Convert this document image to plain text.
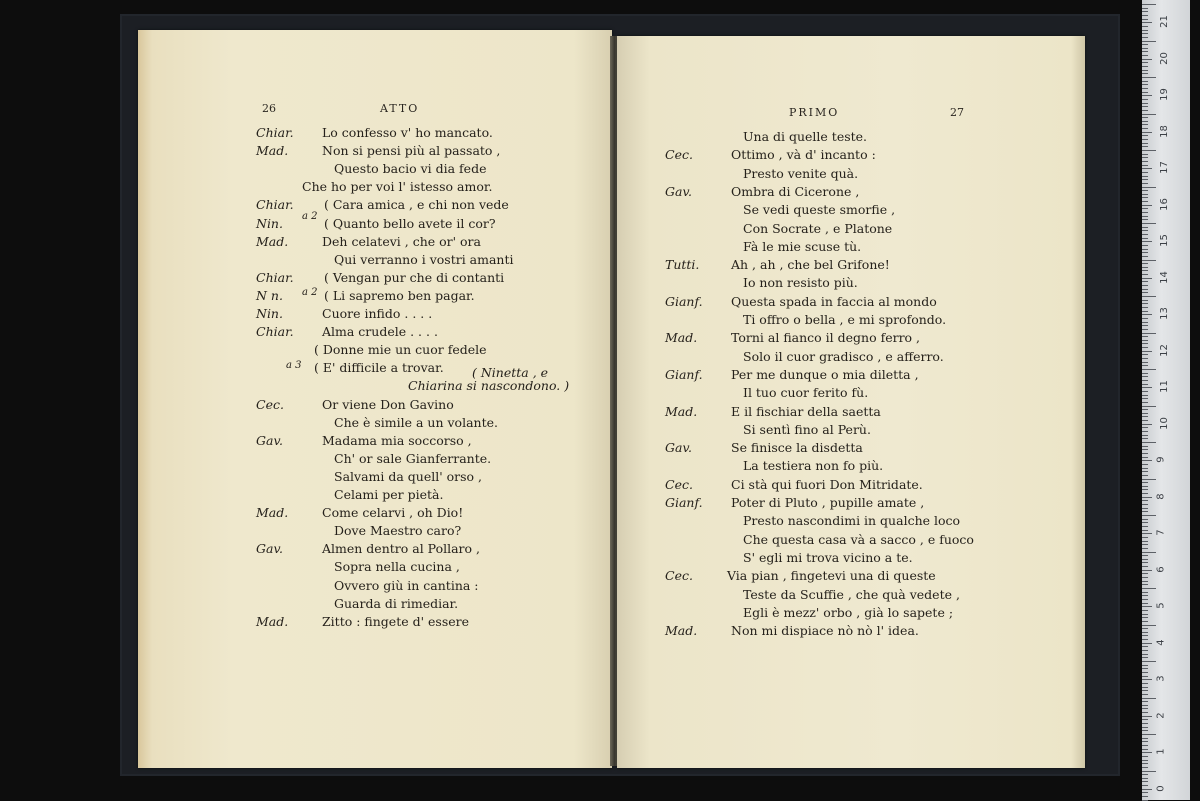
26	ATTO
Chiar. Lo confesso v' ho mancato.
Mad.	Non si pensi più al passato ,
Questo bacio vi dia fede
Che ho per voi l' istesso amor.
Chiar. ( Cara amica , e chi non vede
Nin.	( Quanto bello avete il cor?
Mad.	Deh celatevi , che or' ora
Qui verranno i vostri amanti
Chiar. ( Vengan pur che di contanti
N n.	( Li sapremo ben pagar.
Nin.	Cuore infido . . . .
Chiar. Alma crudele . . . .
( Donne mie un cuor fedele
( E' difficile a trovar.
Chiarina si nascondono. )
Cec.	Or viene Don Gavino
Che è simile a un volante.
Gav.	Madama mia soccorso ,
Ch' or sale Gianferrante.
Salvami da quell' orso ,
Celami per pietà.
Mad.	Come celarvi , oh Dio!
Dove Maestro caro?
Gav.	Almen dentro al Pollaro ,
Sopra nella cucina ,
Ovvero giù in cantina :
Guarda di rimediar.
Mad.	Zitto : fingete d' essere
a 2
a 2
a 3	( Ninetta , e
PRIMO	27
Una di quelle teste.
Cec.	Ottimo , và d' incanto :
Presto venite quà.
Gav.	Ombra di Cicerone ,
Se vedi queste smorfie ,
Con Socrate , e Platone
Fà le mie scuse tù.
Tutti.	Ah , ah , che bel Grifone!
Io non resisto più.
Gianf. Questa spada in faccia al mondo
Ti offro o bella , e mi sprofondo.
Mad.	Torni al fianco il degno ferro ,
Solo il cuor gradisco , e afferro.
Gianf. Per me dunque o mia diletta ,
Il tuo cuor ferito fù.
Mad.	E il fischiar della saetta
Si sentì fino al Perù.
Gav.	Se finisce la disdetta
La testiera non fo più.
Cec.	Ci stà qui fuori Don Mitridate.
Gianf. Poter di Pluto , pupille amate ,
Presto nascondimi in qualche loco
Che questa casa và a sacco , e fuoco
S' egli mi trova vicino a te.
Cec.	Via pian , fingetevi una di queste
Teste da Scuffie , che quà vedete ,
Egli è mezz' orbo , già lo sapete ;
Mad.	Non mi dispiace nò nò l' idea.
21
20
19
18
17
16
15
14
13
12
11
10
9
8
7
6
5
4
3
2
1
0
